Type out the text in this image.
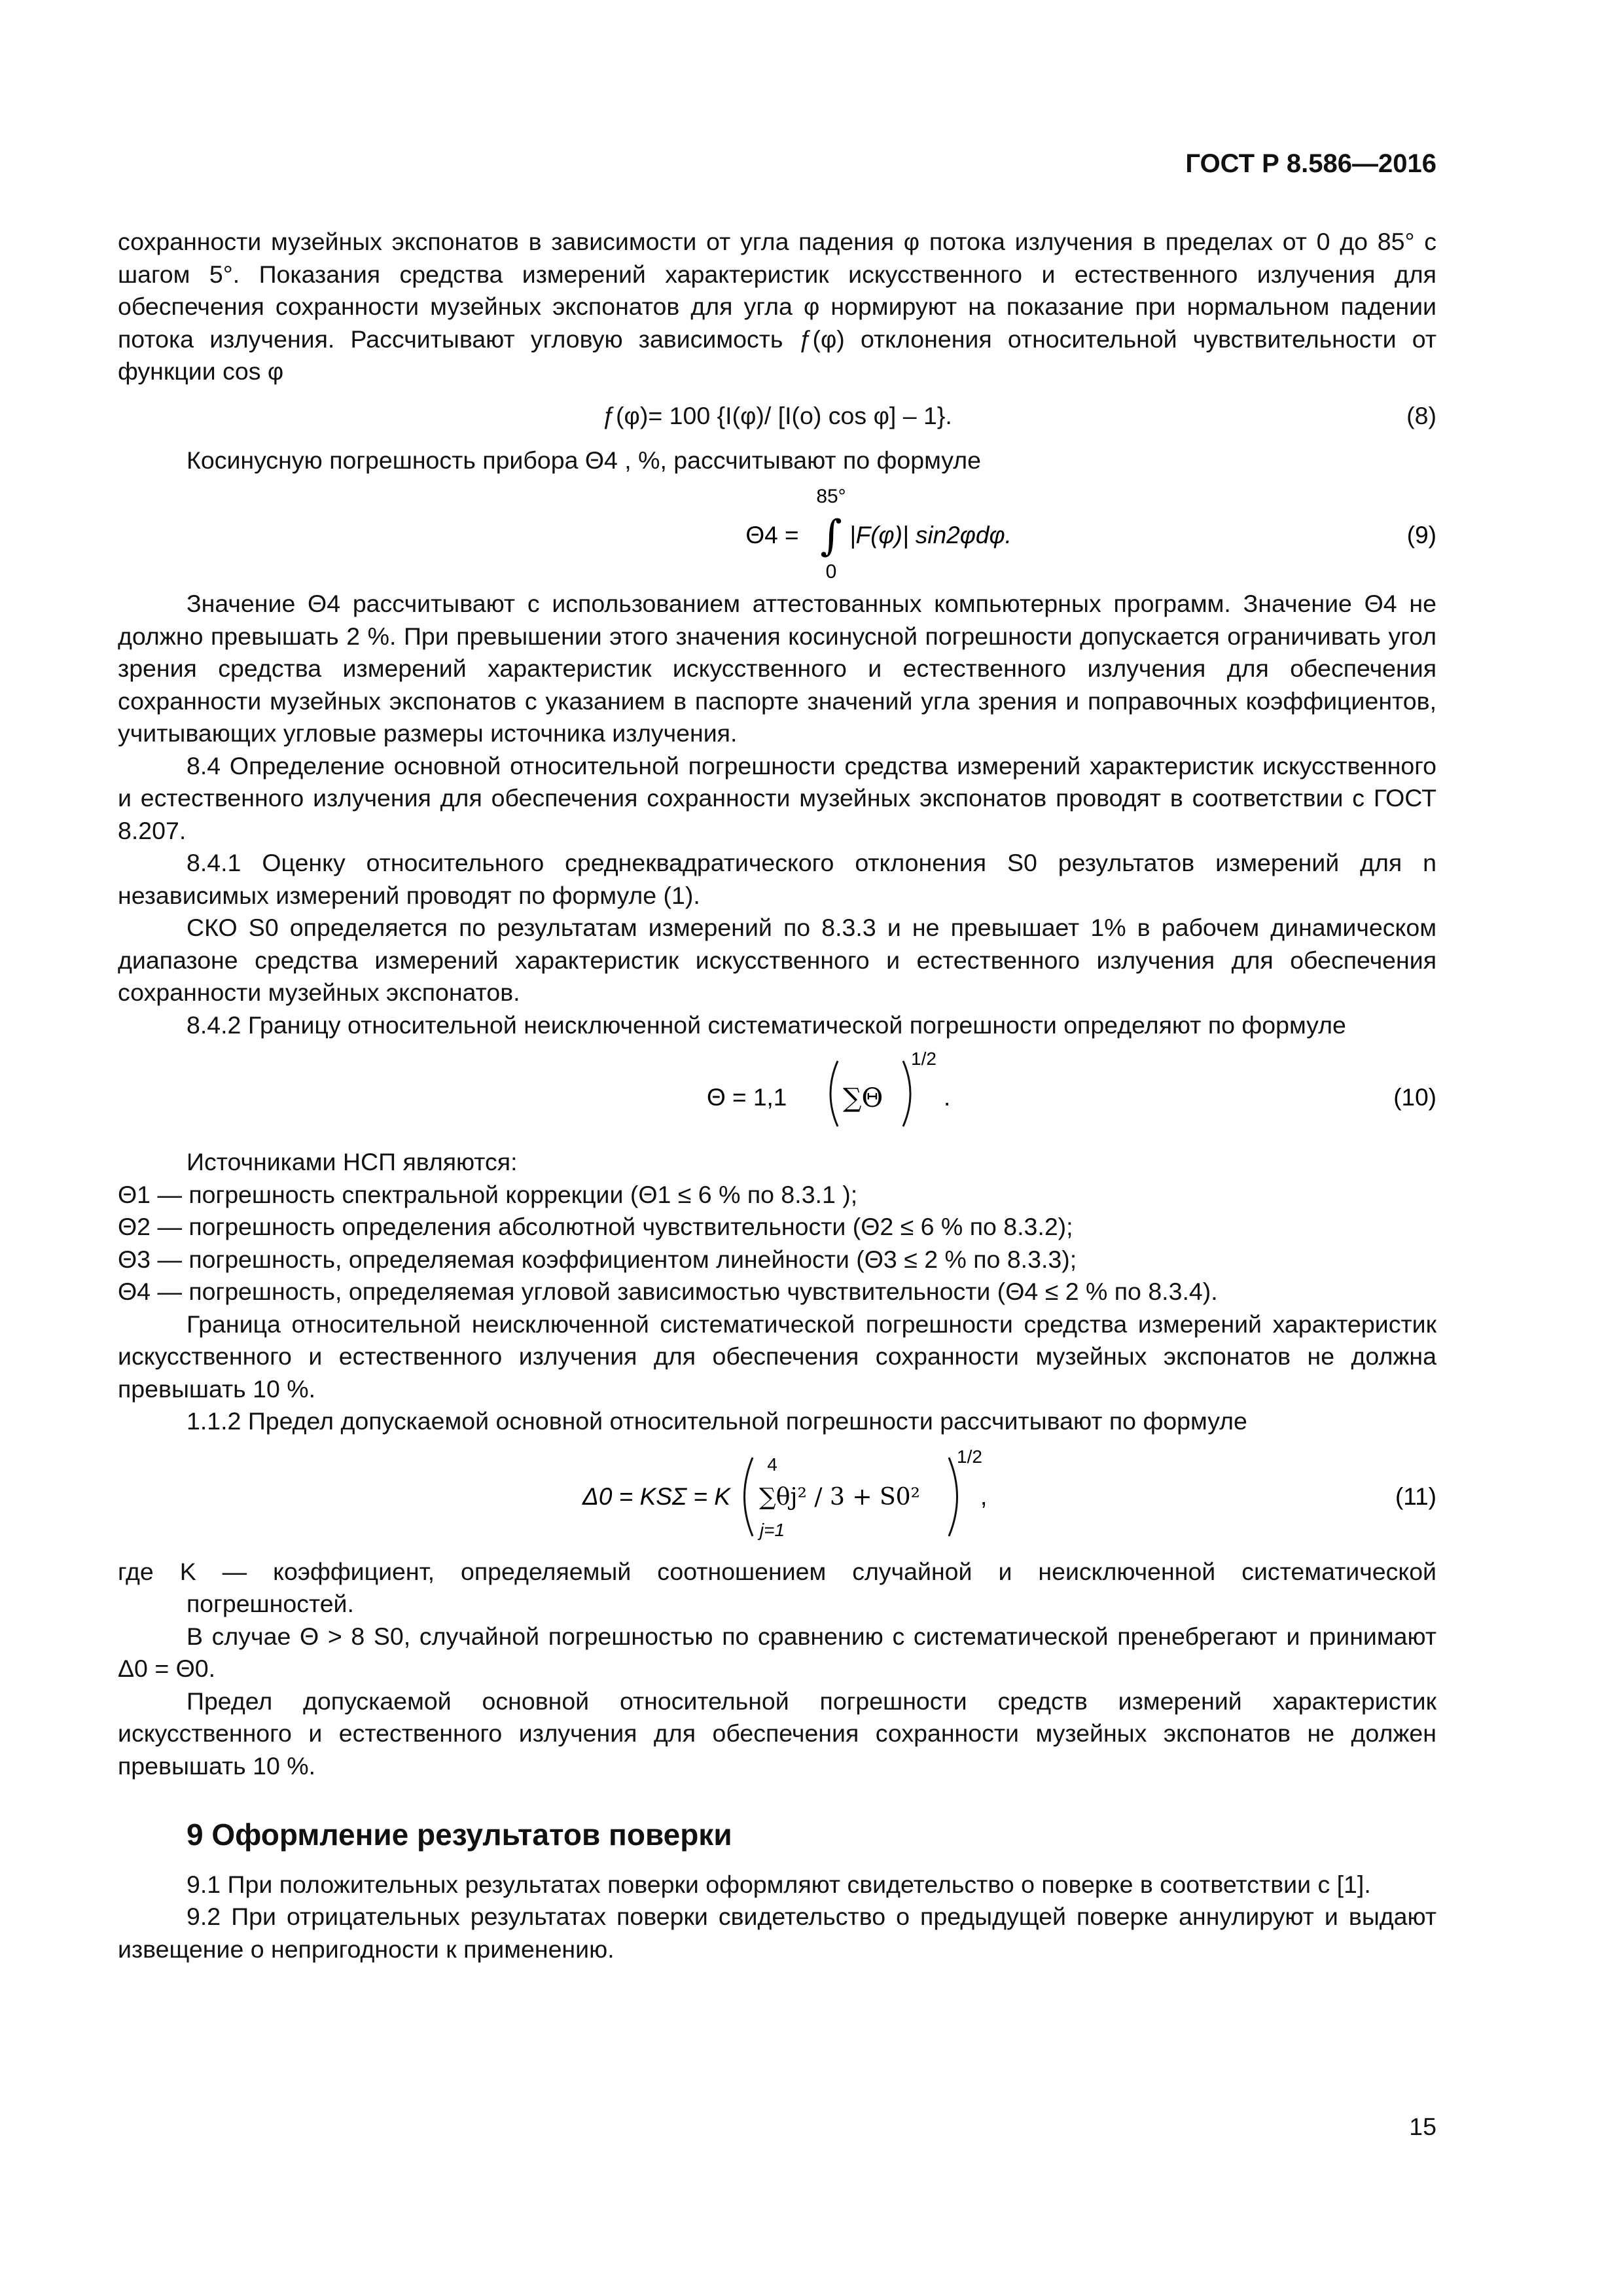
ГОСТ Р 8.586—2016

сохранности музейных экспонатов в зависимости от угла падения φ потока излучения в пределах от 0 до 85° с шагом 5°. Показания средства измерений характеристик искусственного и естественного излучения для обеспечения сохранности музейных экспонатов для угла φ нормируют на показание при нормальном падении потока излучения. Рассчитывают угловую зависимость ƒ(φ) отклонения относительной чувствительности от функции cos φ

ƒ(φ)= 100 {I(φ)/ [I(o) cos φ] – 1}.	(8)

Косинусную погрешность прибора Θ4 , %, рассчитывают по формуле

85°
Θ4 = ∫ |F(φ)| sin2φdφ.
0
(9)

Значение Θ4 рассчитывают с использованием аттестованных компьютерных программ. Значение Θ4 не должно превышать 2 %. При превышении этого значения косинусной погрешности допускается ограничивать угол зрения средства измерений характеристик искусственного и естественного излучения для обеспечения сохранности музейных экспонатов с указанием в паспорте значений угла зрения и поправочных коэффициентов, учитывающих угловые размеры источника излучения.

8.4 Определение основной относительной погрешности средства измерений характеристик искусственного и естественного излучения для обеспечения сохранности музейных экспонатов проводят в соответствии с ГОСТ 8.207.

8.4.1 Оценку относительного среднеквадратического отклонения S0 результатов измерений для n независимых измерений проводят по формуле (1).

СКО S0 определяется по результатам измерений по 8.3.3 и не превышает 1% в рабочем динамическом диапазоне средства измерений характеристик искусственного и естественного излучения для обеспечения сохранности музейных экспонатов.

8.4.2 Границу относительной неисключенной систематической погрешности определяют по формуле

Θ = 1,1 ∑Θ
1/2
.	(10)

Источниками НСП являются:

Θ1 — погрешность спектральной коррекции (Θ1 ≤ 6 % по 8.3.1 );

Θ2 — погрешность определения абсолютной чувствительности (Θ2 ≤ 6 % по 8.3.2);

Θ3 — погрешность, определяемая коэффициентом линейности (Θ3 ≤ 2 % по 8.3.3);

Θ4 — погрешность, определяемая угловой зависимостью чувствительности (Θ4 ≤ 2 % по 8.3.4).

Граница относительной неисключенной систематической погрешности средства измерений характеристик искусственного и естественного излучения для обеспечения сохранности музейных экспонатов не должна превышать 10 %.

1.1.2 Предел допускаемой основной относительной погрешности рассчитывают по формуле

Δ0 = KSΣ = K
4
∑θj² / 3 + S0²
j=1
1/2
,	(11)

где K — коэффициент, определяемый соотношением случайной и неисключенной систематической погрешностей.

В случае Θ > 8 S0, случайной погрешностью по сравнению с систематической пренебрегают и принимают Δ0 = Θ0.

Предел допускаемой основной относительной погрешности средств измерений характеристик искусственного и естественного излучения для обеспечения сохранности музейных экспонатов не должен превышать 10 %.

9 Оформление результатов поверки

9.1 При положительных результатах поверки оформляют свидетельство о поверке в соответствии с [1].

9.2 При отрицательных результатах поверки свидетельство о предыдущей поверке аннулируют и выдают извещение о непригодности к применению.

15
